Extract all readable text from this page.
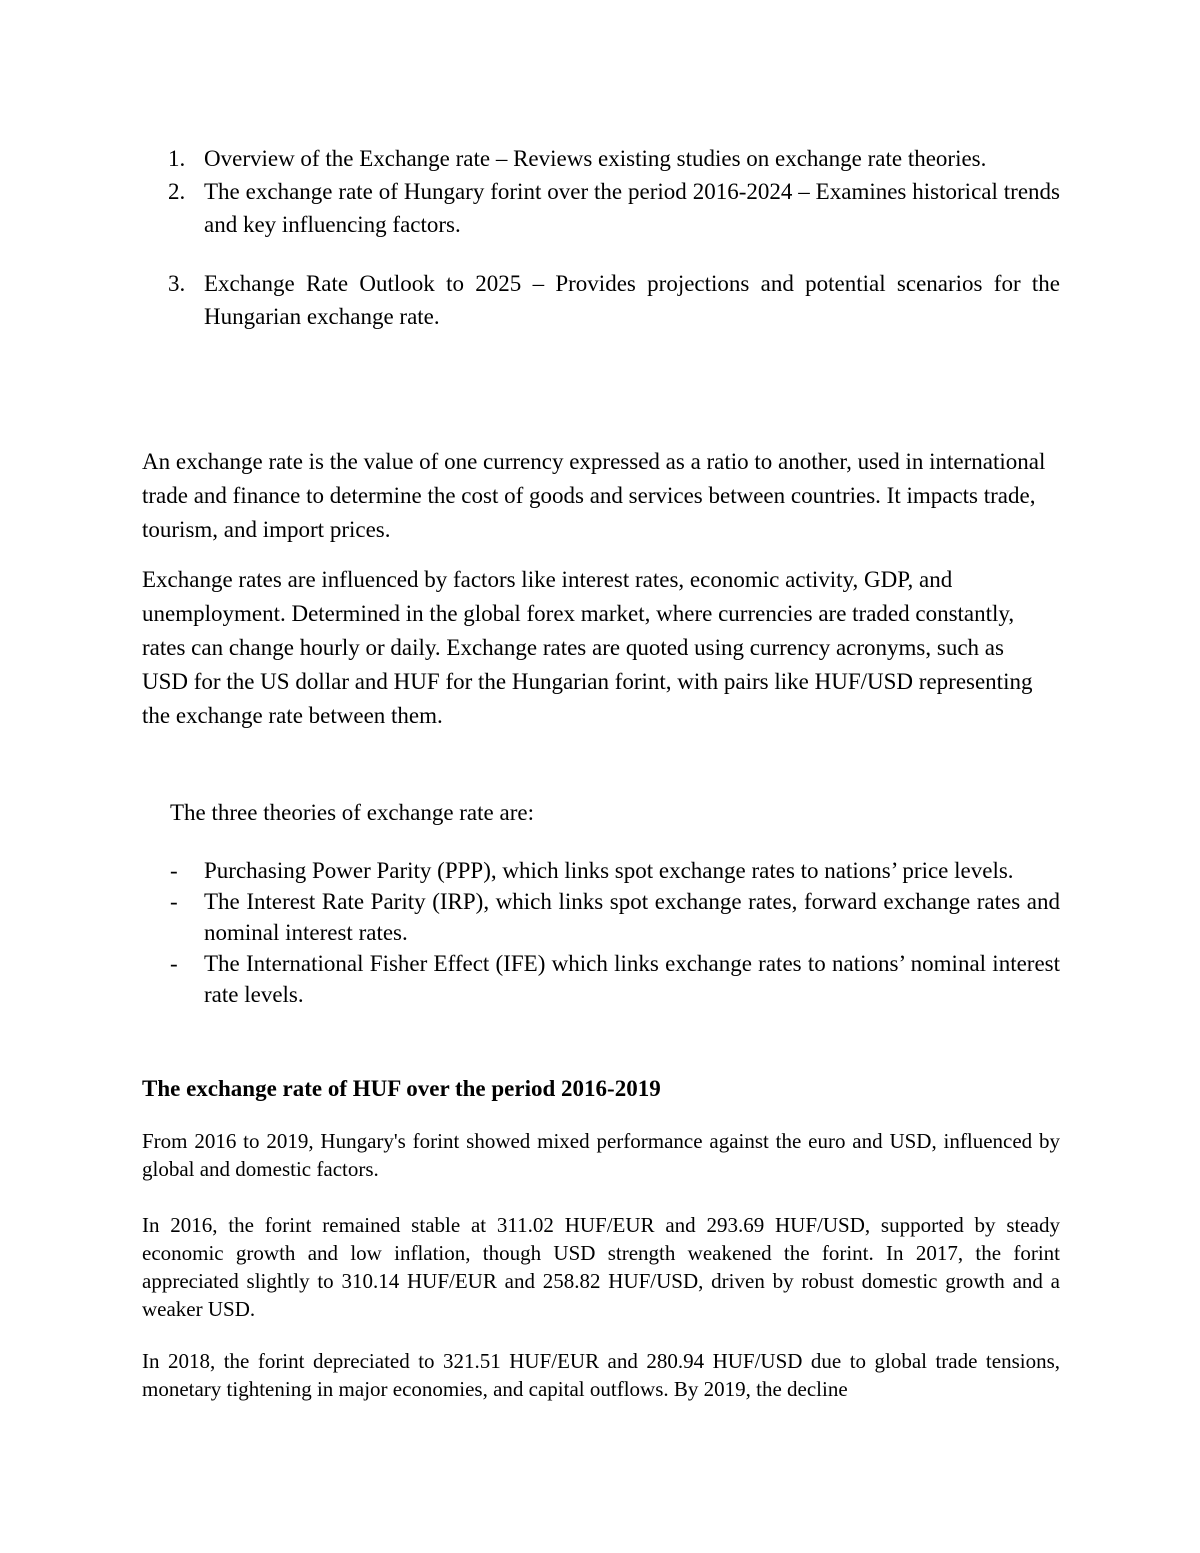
1. Overview of the Exchange rate – Reviews existing studies on exchange rate theories.
2. The exchange rate of Hungary forint over the period 2016-2024 – Examines historical trends and key influencing factors.
3. Exchange Rate Outlook to 2025 – Provides projections and potential scenarios for the Hungarian exchange rate.

An exchange rate is the value of one currency expressed as a ratio to another, used in international trade and finance to determine the cost of goods and services between countries. It impacts trade, tourism, and import prices.

Exchange rates are influenced by factors like interest rates, economic activity, GDP, and unemployment. Determined in the global forex market, where currencies are traded constantly, rates can change hourly or daily. Exchange rates are quoted using currency acronyms, such as USD for the US dollar and HUF for the Hungarian forint, with pairs like HUF/USD representing the exchange rate between them.

The three theories of exchange rate are:

- Purchasing Power Parity (PPP), which links spot exchange rates to nations’ price levels.
- The Interest Rate Parity (IRP), which links spot exchange rates, forward exchange rates and nominal interest rates.
- The International Fisher Effect (IFE) which links exchange rates to nations’ nominal interest rate levels.
The exchange rate of HUF over the period 2016-2019

From 2016 to 2019, Hungary's forint showed mixed performance against the euro and USD, influenced by global and domestic factors.

In 2016, the forint remained stable at 311.02 HUF/EUR and 293.69 HUF/USD, supported by steady economic growth and low inflation, though USD strength weakened the forint. In 2017, the forint appreciated slightly to 310.14 HUF/EUR and 258.82 HUF/USD, driven by robust domestic growth and a weaker USD.

In 2018, the forint depreciated to 321.51 HUF/EUR and 280.94 HUF/USD due to global trade tensions, monetary tightening in major economies, and capital outflows. By 2019, the decline
